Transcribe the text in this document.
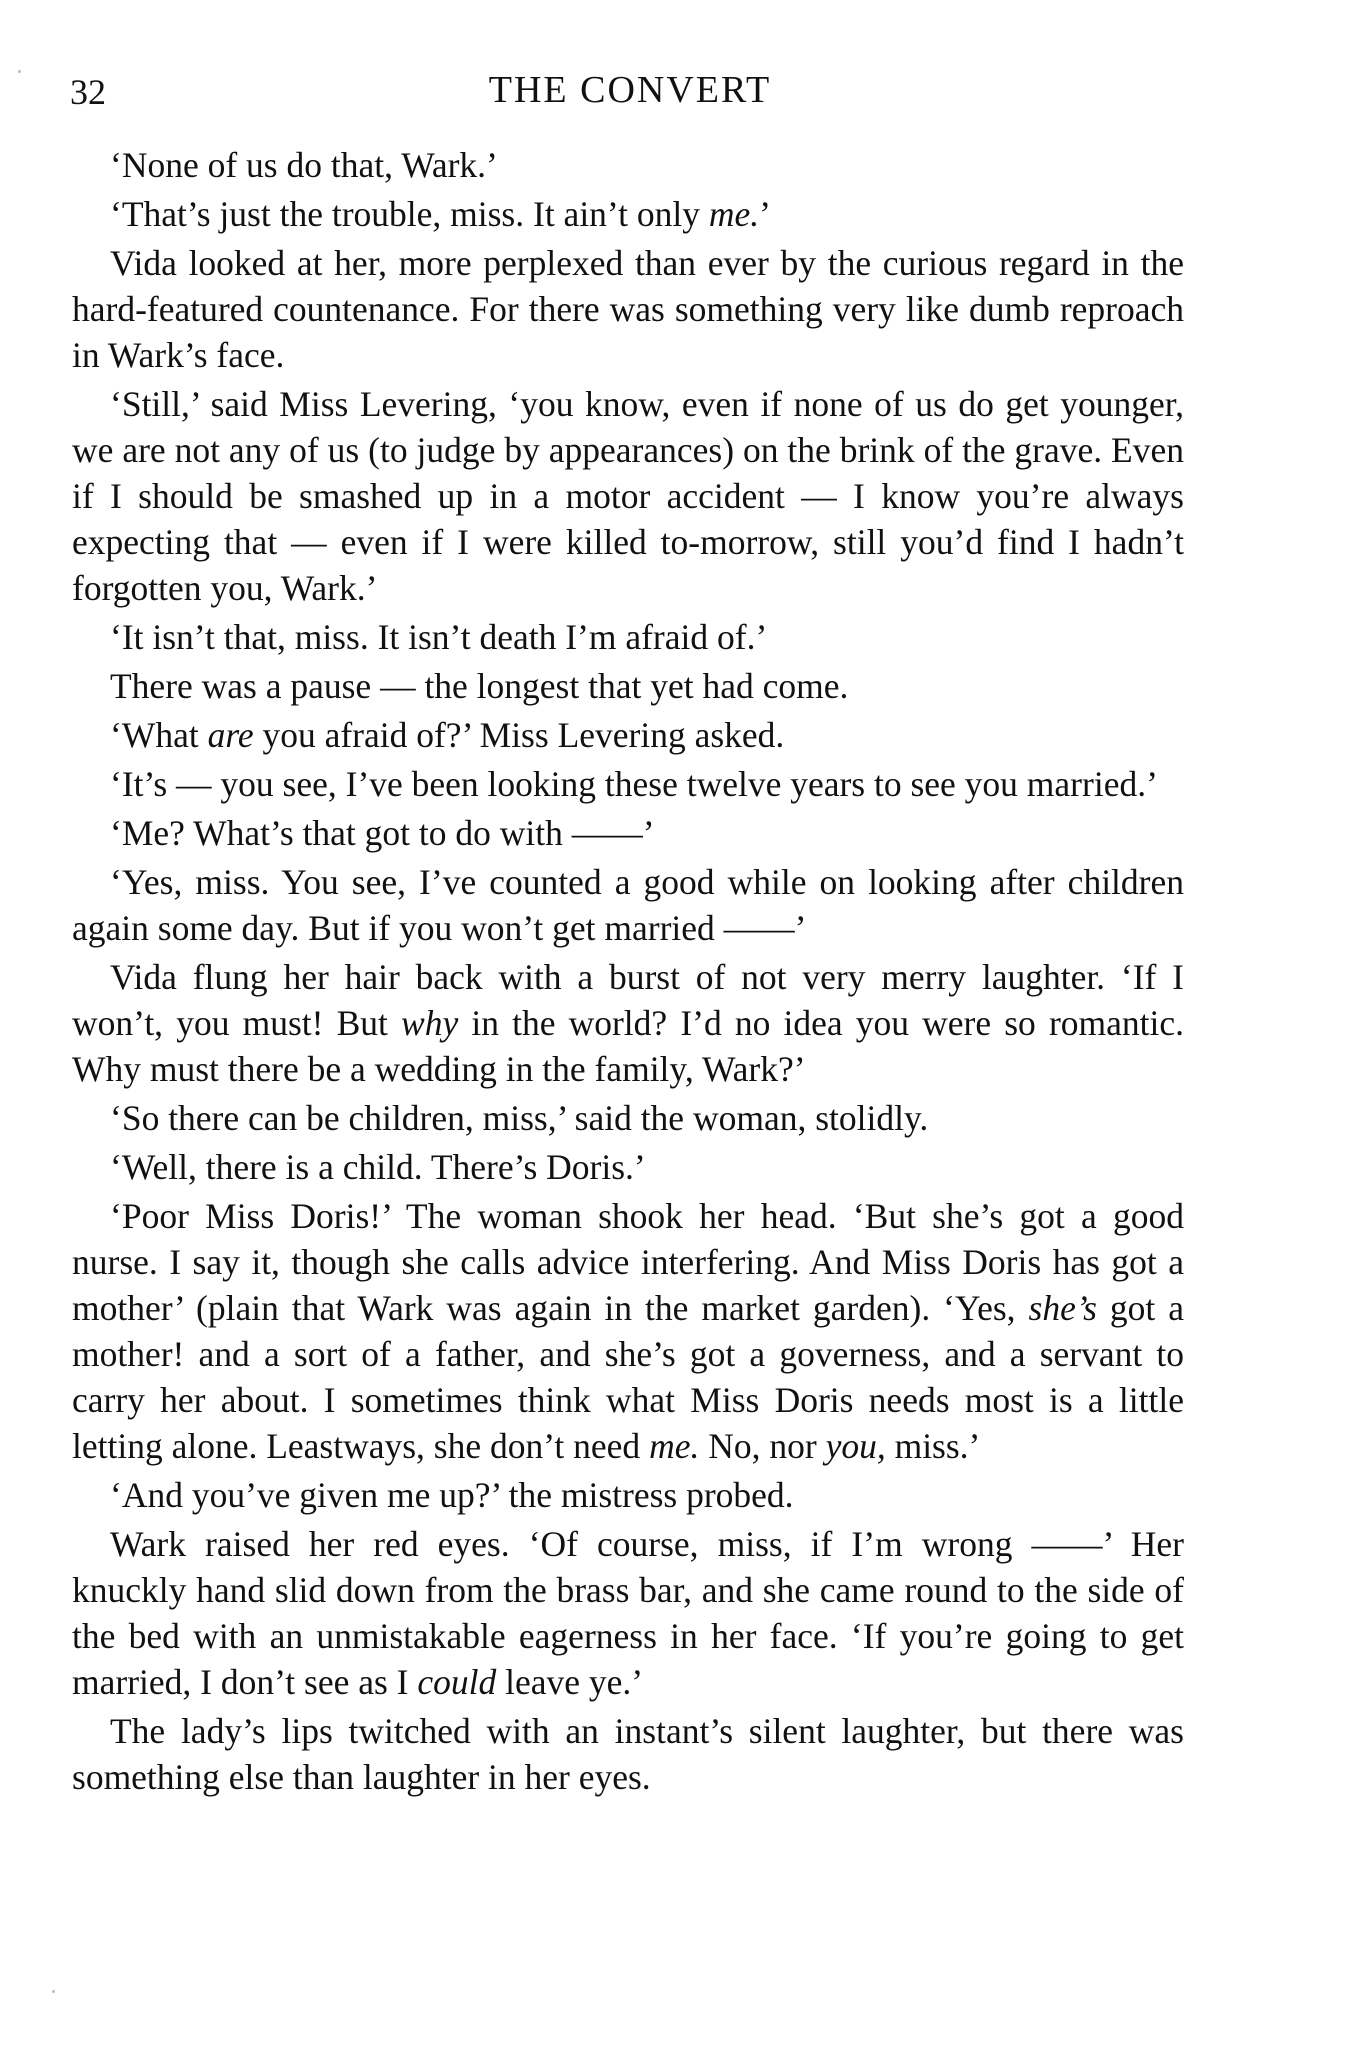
32	THE CONVERT

‘None of us do that, Wark.’

‘That’s just the trouble, miss. It ain’t only me.’

Vida looked at her, more perplexed than ever by the curious regard in the hard-featured countenance. For there was something very like dumb reproach in Wark’s face.

‘Still,’ said Miss Levering, ‘you know, even if none of us do get younger, we are not any of us (to judge by appearances) on the brink of the grave. Even if I should be smashed up in a motor accident — I know you’re always expecting that — even if I were killed to-morrow, still you’d find I hadn’t forgotten you, Wark.’

‘It isn’t that, miss. It isn’t death I’m afraid of.’

There was a pause — the longest that yet had come.

‘What are you afraid of?’ Miss Levering asked.

‘It’s — you see, I’ve been looking these twelve years to see you married.’

‘Me? What’s that got to do with ——’

‘Yes, miss. You see, I’ve counted a good while on looking after children again some day. But if you won’t get married ——’

Vida flung her hair back with a burst of not very merry laughter. ‘If I won’t, you must! But why in the world? I’d no idea you were so romantic. Why must there be a wedding in the family, Wark?’

‘So there can be children, miss,’ said the woman, stolidly.

‘Well, there is a child. There’s Doris.’

‘Poor Miss Doris!’ The woman shook her head. ‘But she’s got a good nurse. I say it, though she calls advice interfering. And Miss Doris has got a mother’ (plain that Wark was again in the market garden). ‘Yes, she’s got a mother! and a sort of a father, and she’s got a governess, and a servant to carry her about. I sometimes think what Miss Doris needs most is a little letting alone. Leastways, she don’t need me. No, nor you, miss.’

‘And you’ve given me up?’ the mistress probed.

Wark raised her red eyes. ‘Of course, miss, if I’m wrong ——’ Her knuckly hand slid down from the brass bar, and she came round to the side of the bed with an unmistakable eagerness in her face. ‘If you’re going to get married, I don’t see as I could leave ye.’

The lady’s lips twitched with an instant’s silent laughter, but there was something else than laughter in her eyes.
